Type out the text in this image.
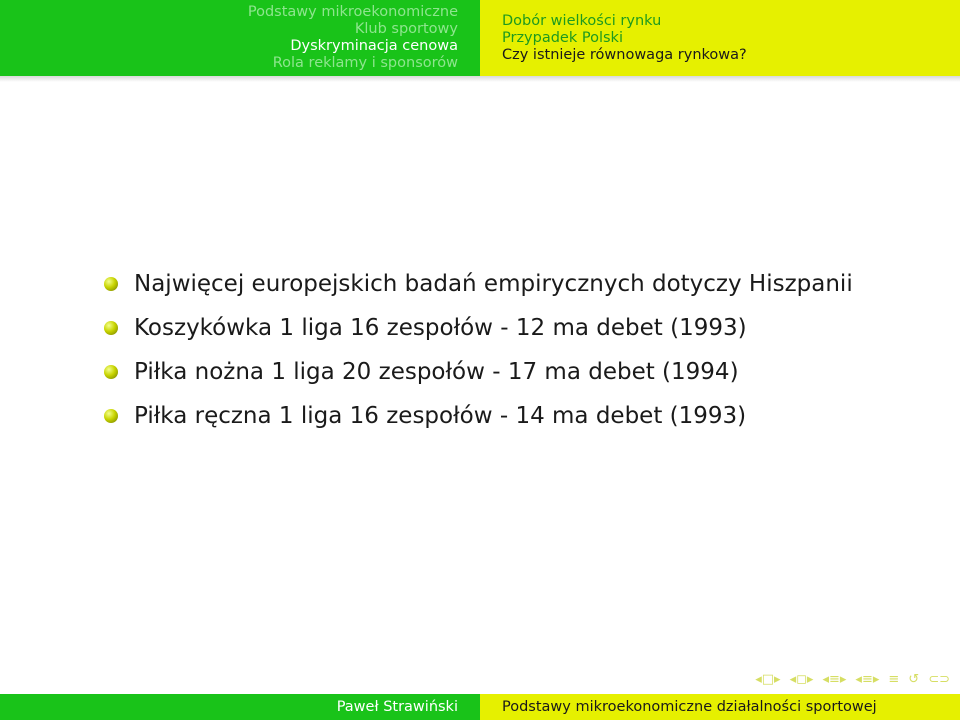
Podstawy mikroekonomiczne
Klub sportowy
Dyskryminacja cenowa
Rola reklamy i sponsorów
Dobór wielkości rynku
Przypadek Polski
Czy istnieje równowaga rynkowa?
Najwięcej europejskich badań empirycznych dotyczy Hiszpanii
Koszykówka 1 liga 16 zespołów - 12 ma debet (1993)
Piłka nożna 1 liga 20 zespołów - 17 ma debet (1994)
Piłka ręczna 1 liga 16 zespołów - 14 ma debet (1993)
◂□▸ ◂◻▸ ◂≡▸ ◂≡▸ ≡ ↺ ⊂⊃
Paweł Strawiński	Podstawy mikroekonomiczne działalności sportowej
